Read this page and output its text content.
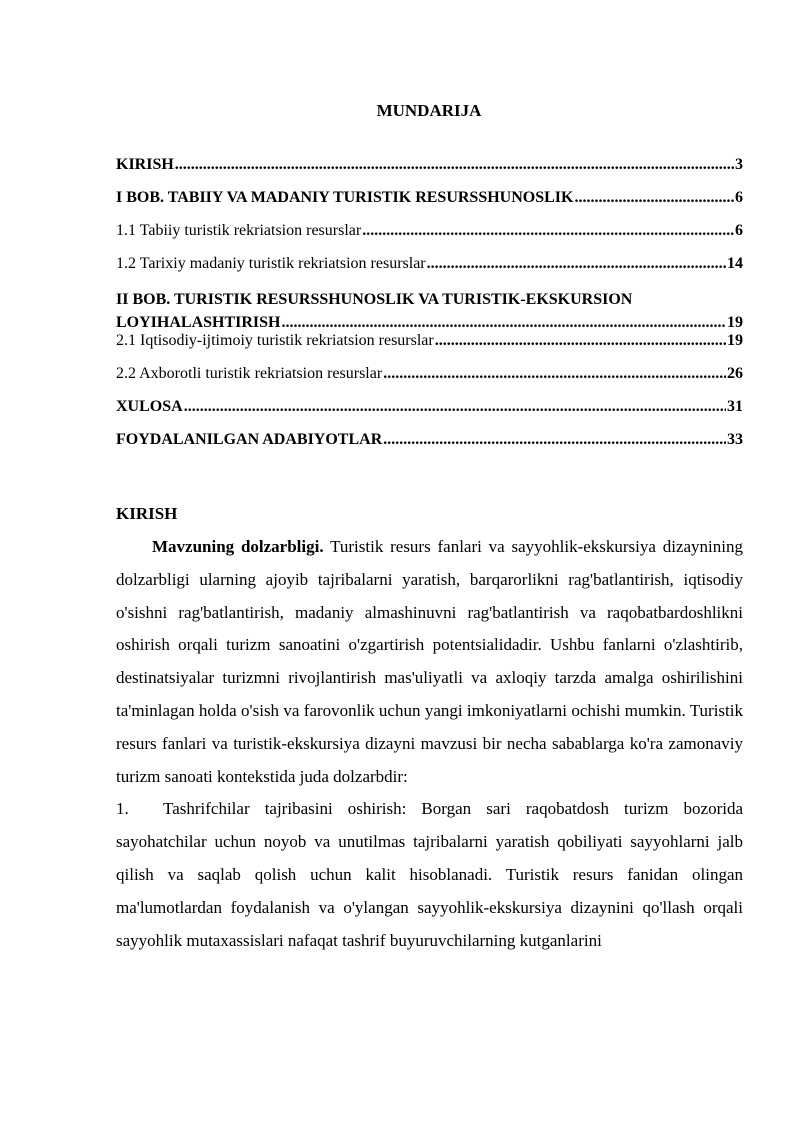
MUNDARIJA
KIRISH .....	3
I BOB. TABIIY VA MADANIY TURISTIK RESURSSHUNOSLIK .....	6
1.1 Tabiiy turistik rekriatsion resurslar .....	6
1.2 Tarixiy madaniy turistik rekriatsion resurslar .....	14
II BOB. TURISTIK RESURSSHUNOSLIK VA TURISTIK-EKSKURSION
LOYIHALASHTIRISH .....	19
2.1 Iqtisodiy-ijtimoiy turistik rekriatsion resurslar .....	19
2.2 Axborotli turistik rekriatsion resurslar .....	26
XULOSA .....	31
FOYDALANILGAN ADABIYOTLAR .....	33
KIRISH

Mavzuning dolzarbligi. Turistik resurs fanlari va sayyohlik-ekskursiya dizaynining dolzarbligi ularning ajoyib tajribalarni yaratish, barqarorlikni rag'batlantirish, iqtisodiy o'sishni rag'batlantirish, madaniy almashinuvni rag'batlantirish va raqobatbardoshlikni oshirish orqali turizm sanoatini o'zgartirish potentsialidadir. Ushbu fanlarni o'zlashtirib, destinatsiyalar turizmni rivojlantirish mas'uliyatli va axloqiy tarzda amalga oshirilishini ta'minlagan holda o'sish va farovonlik uchun yangi imkoniyatlarni ochishi mumkin. Turistik resurs fanlari va turistik-ekskursiya dizayni mavzusi bir necha sabablarga ko'ra zamonaviy turizm sanoati kontekstida juda dolzarbdir:

1. Tashrifchilar tajribasini oshirish: Borgan sari raqobatdosh turizm bozorida sayohatchilar uchun noyob va unutilmas tajribalarni yaratish qobiliyati sayyohlarni jalb qilish va saqlab qolish uchun kalit hisoblanadi. Turistik resurs fanidan olingan ma'lumotlardan foydalanish va o'ylangan sayyohlik-ekskursiya dizaynini qo'llash orqali sayyohlik mutaxassislari nafaqat tashrif buyuruvchilarning kutganlarini
